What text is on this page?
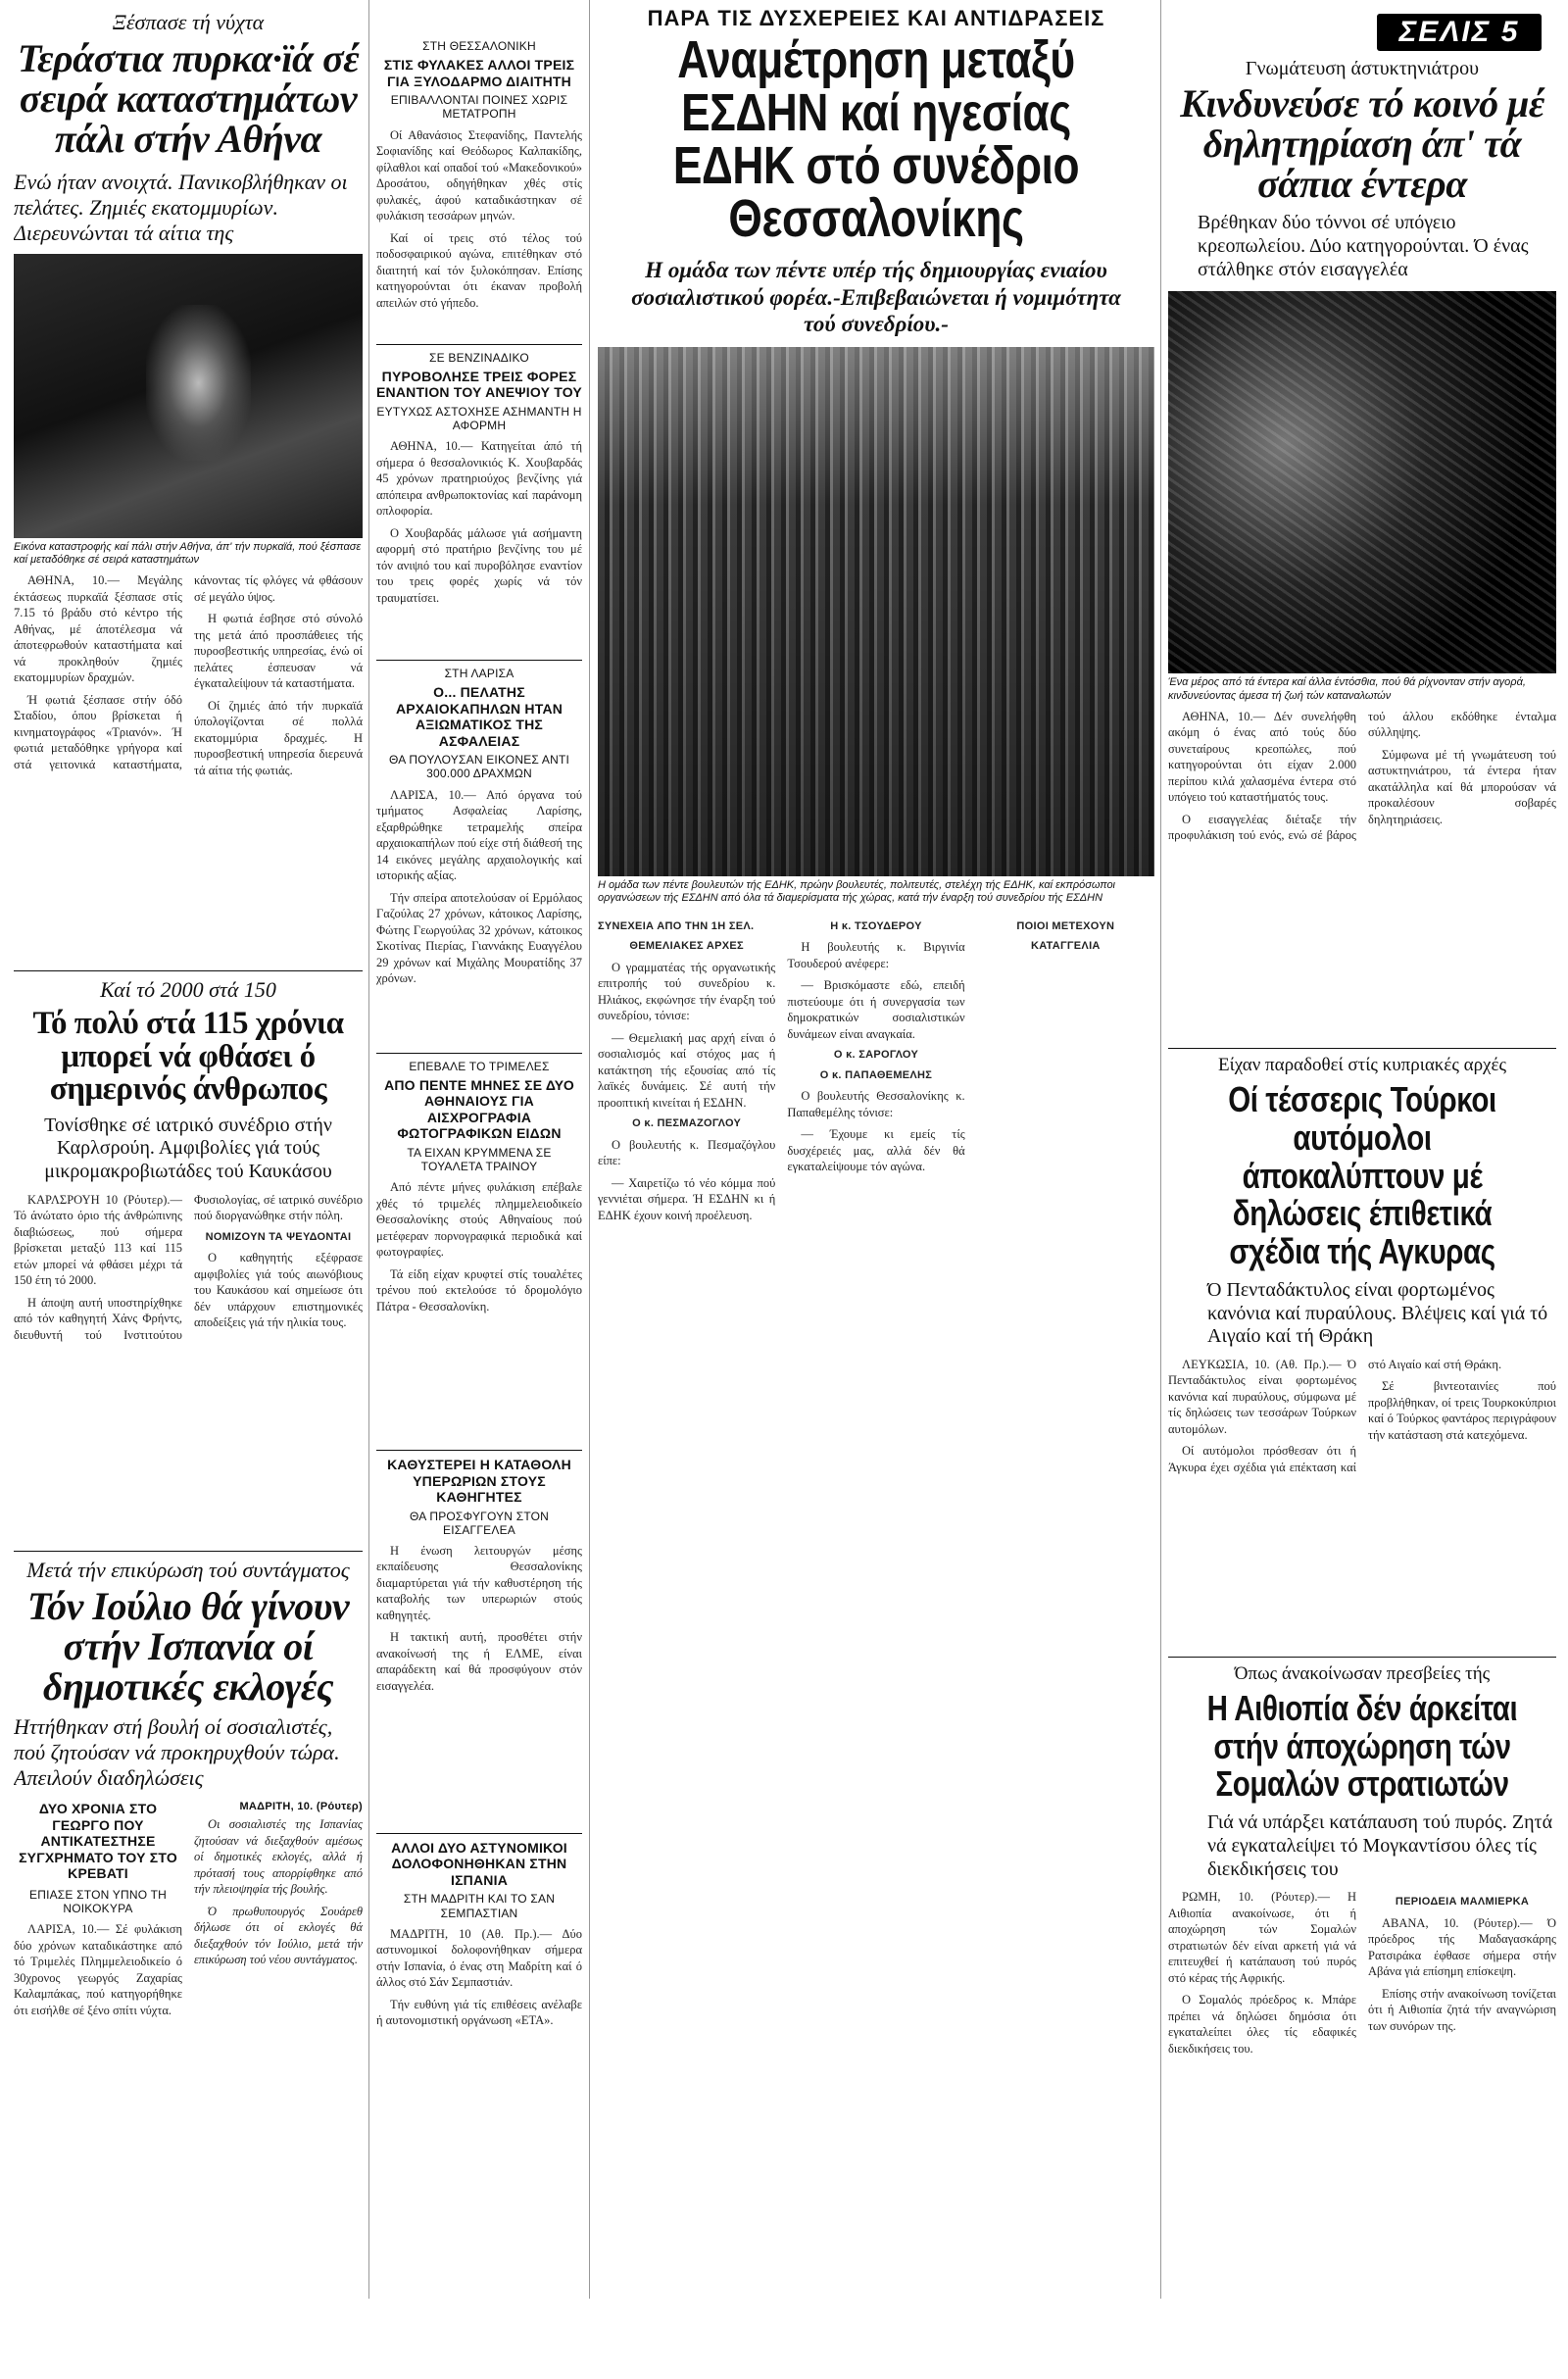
ΣΕΛΙΣ 5
Ξέσπασε τή νύχτα
Τεράστια πυρκα·ϊά σέ σειρά καταστημάτων πάλι στήν Αθήνα
Ενώ ήταν ανοιχτά. Πανικοβλήθηκαν οι πελάτες. Ζημιές εκατομμυρίων. Διερευνώνται τά αίτια της
Εικόνα καταστροφής καί πάλι στήν Αθήνα, άπ' τήν πυρκαϊά, πού ξέσπασε καί μεταδόθηκε σέ σειρά καταστημάτων

ΑΘΗΝΑ, 10.— Μεγάλης έκτάσεως πυρκαϊά ξέσπασε στίς 7.15 τό βράδυ στό κέντρο τής Αθήνας, μέ άποτέλεσμα νά άποτεφρωθούν καταστήματα καί νά προκληθούν ζημιές εκατομμυρίων δραχμών.

Ή φωτιά ξέσπασε στήν όδό Σταδίου, όπου βρίσκεται ή κινηματογράφος «Τριανόν». Ή φωτιά μεταδόθηκε γρήγορα καί στά γειτονικά καταστήματα, κάνοντας τίς φλόγες νά φθάσουν σέ μεγάλο ύψος.

Η φωτιά έσβησε στό σύνολό της μετά άπό προσπάθειες τής πυροσβεστικής υπηρεσίας, ένώ οί πελάτες έσπευσαν νά έγκαταλείψουν τά καταστήματα.

Οί ζημιές άπό τήν πυρκαϊά ύπολογίζονται σέ πολλά εκατομμύρια δραχμές. Η πυροσβεστική υπηρεσία διερευνά τά αίτια τής φωτιάς.

Καί τό 2000 στά 150
Τό πολύ στά 115 χρόνια μπορεί νά φθάσει ό σημερινός άνθρωπος
Τονίσθηκε σέ ιατρικό συνέδριο στήν Καρλσρούη. Αμφιβολίες γιά τούς μικρομακροβιωτάδες τού Καυκάσου

ΚΑΡΛΣΡΟΥΗ 10 (Ρόυτερ).— Τό άνώτατο όριο τής άνθρώπινης διαβιώσεως, πού σήμερα βρίσκεται μεταξύ 113 καί 115 ετών μπορεί νά φθάσει μέχρι τά 150 έτη τό 2000.

Η άποψη αυτή υποστηρίχθηκε από τόν καθηγητή Χάνς Φρήντς, διευθυντή τού Ινστιτούτου Φυσιολογίας, σέ ιατρικό συνέδριο πού διοργανώθηκε στήν πόλη.

ΝΟΜΙΖΟΥΝ ΤΑ ΨΕΥΔΟΝΤΑΙ

Ο καθηγητής εξέφρασε αμφιβολίες γιά τούς αιωνόβιους του Καυκάσου καί σημείωσε ότι δέν υπάρχουν επιστημονικές αποδείξεις γιά τήν ηλικία τους.

Μετά τήν επικύρωση τού συντάγματος
Τόν Ιούλιο θά γίνουν στήν Ισπανία οί δημοτικές εκλογές
Ηττήθηκαν στή βουλή οί σοσιαλιστές, πού ζητούσαν νά προκηρυχθούν τώρα. Απειλούν διαδηλώσεις
ΔΥΟ ΧΡΟΝΙΑ ΣΤΟ ΓΕΩΡΓΟ ΠΟΥ ΑΝΤΙΚΑΤΕΣΤΗΣΕ ΣΥΓΧΡΗΜΑΤΟ ΤΟΥ ΣΤΟ ΚΡΕΒΑΤΙ
ΕΠΙΑΣΕ ΣΤΟΝ ΥΠΝΟ ΤΗ ΝΟΙΚΟΚΥΡΑ

ΛΑΡΙΣΑ, 10.— Σέ φυλάκιση δύο χρόνων καταδικάστηκε από τό Τριμελές Πλημμελειοδικείο ό 30χρονος γεωργός Ζαχαρίας Καλαμπάκας, πού κατηγορήθηκε ότι εισήλθε σέ ξένο σπίτι νύχτα.

ΜΑΔΡΙΤΗ, 10. (Ρόυτερ)

Οι σοσιαλιστές της Ισπανίας ζητούσαν νά διεξαχθούν αμέσως οί δημοτικές εκλογές, αλλά ή πρότασή τους απορρίφθηκε από τήν πλειοψηφία τής βουλής.

Ό πρωθυπουργός Σουάρεθ δήλωσε ότι οί εκλογές θά διεξαχθούν τόν Ιούλιο, μετά τήν επικύρωση τού νέου συντάγματος.

ΣΤΗ ΘΕΣΣΑΛΟΝΙΚΗ
ΣΤΙΣ ΦΥΛΑΚΕΣ ΑΛΛΟΙ ΤΡΕΙΣ ΓΙΑ ΞΥΛΟΔΑΡΜΟ ΔΙΑΙΤΗΤΗ
ΕΠΙΒΑΛΛΟΝΤΑΙ ΠΟΙΝΕΣ ΧΩΡΙΣ ΜΕΤΑΤΡΟΠΗ

Οί Αθανάσιος Στεφανίδης, Παντελής Σοφιανίδης καί Θεόδωρος Καλπακίδης, φίλαθλοι καί οπαδοί τού «Μακεδονικού» Δροσάτου, οδηγήθηκαν χθές στίς φυλακές, άφού καταδικάστηκαν σέ φυλάκιση τεσσάρων μηνών.

Καί οί τρεις στό τέλος τού ποδοσφαιρικού αγώνα, επιτέθηκαν στό διαιτητή καί τόν ξυλοκόπησαν. Επίσης κατηγορούνται ότι έκαναν προβολή απειλών στό γήπεδο.

ΣΕ ΒΕΝΖΙΝΑΔΙΚΟ
ΠΥΡΟΒΟΛΗΣΕ ΤΡΕΙΣ ΦΟΡΕΣ ΕΝΑΝΤΙΟΝ ΤΟΥ ΑΝΕΨΙΟΥ ΤΟΥ
ΕΥΤΥΧΩΣ ΑΣΤΟΧΗΣΕ ΑΣΗΜΑΝΤΗ Η ΑΦΟΡΜΗ

ΑΘΗΝΑ, 10.— Κατηγείται άπό τή σήμερα ό θεσσαλονικιός Κ. Χουβαρδάς 45 χρόνων πρατηριούχος βενζίνης γιά απόπειρα ανθρωποκτονίας καί παράνομη οπλοφορία.

Ο Χουβαρδάς μάλωσε γιά ασήμαντη αφορμή στό πρατήριο βενζίνης του μέ τόν ανιψιό του καί πυροβόλησε εναντίον του τρεις φορές χωρίς νά τόν τραυματίσει.

ΣΤΗ ΛΑΡΙΣΑ
Ο... ΠΕΛΑΤΗΣ ΑΡΧΑΙΟΚΑΠΗΛΩΝ ΗΤΑΝ ΑΞΙΩΜΑΤΙΚΟΣ ΤΗΣ ΑΣΦΑΛΕΙΑΣ
ΘΑ ΠΟΥΛΟΥΣΑΝ ΕΙΚΟΝΕΣ ΑΝΤΙ 300.000 ΔΡΑΧΜΩΝ

ΛΑΡΙΣΑ, 10.— Από όργανα τού τμήματος Ασφαλείας Λαρίσης, εξαρθρώθηκε τετραμελής σπείρα αρχαιοκαπήλων πού είχε στή διάθεσή της 14 εικόνες μεγάλης αρχαιολογικής καί ιστορικής αξίας.

Τήν σπείρα αποτελούσαν οί Ερμόλαος Γαζούλας 27 χρόνων, κάτοικος Λαρίσης, Φώτης Γεωργούλας 32 χρόνων, κάτοικος Σκοτίνας Πιερίας, Γιαννάκης Ευαγγέλου 29 χρόνων καί Μιχάλης Μουρατίδης 37 χρόνων.

ΕΠΕΒΑΛΕ ΤΟ ΤΡΙΜΕΛΕΣ
ΑΠΟ ΠΕΝΤΕ ΜΗΝΕΣ ΣΕ ΔΥΟ ΑΘΗΝΑΙΟΥΣ ΓΙΑ ΑΙΣΧΡΟΓΡΑΦΙΑ ΦΩΤΟΓΡΑΦΙΚΩΝ ΕΙΔΩΝ
ΤΑ ΕΙΧΑΝ ΚΡΥΜΜΕΝΑ ΣΕ ΤΟΥΑΛΕΤΑ ΤΡΑΙΝΟΥ

Από πέντε μήνες φυλάκιση επέβαλε χθές τό τριμελές πλημμελειοδικείο Θεσσαλονίκης στούς Αθηναίους πού μετέφεραν πορνογραφικά περιοδικά καί φωτογραφίες.

Τά είδη είχαν κρυφτεί στίς τουαλέτες τρένου πού εκτελούσε τό δρομολόγιο Πάτρα - Θεσσαλονίκη.

ΚΑΘΥΣΤΕΡΕΙ Η ΚΑΤΑΘΟΛΗ ΥΠΕΡΩΡΙΩΝ ΣΤΟΥΣ ΚΑΘΗΓΗΤΕΣ
ΘΑ ΠΡΟΣΦΥΓΟΥΝ ΣΤΟΝ ΕΙΣΑΓΓΕΛΕΑ

Η ένωση λειτουργών μέσης εκπαίδευσης Θεσσαλονίκης διαμαρτύρεται γιά τήν καθυστέρηση τής καταβολής των υπερωριών στούς καθηγητές.

Η τακτική αυτή, προσθέτει στήν ανακοίνωσή της ή ΕΛΜΕ, είναι απαράδεκτη καί θά προσφύγουν στόν εισαγγελέα.

ΑΛΛΟΙ ΔΥΟ ΑΣΤΥΝΟΜΙΚΟΙ ΔΟΛΟΦΟΝΗΘΗΚΑΝ ΣΤΗΝ ΙΣΠΑΝΙΑ
ΣΤΗ ΜΑΔΡΙΤΗ ΚΑΙ ΤΟ ΣΑΝ ΣΕΜΠΑΣΤΙΑΝ

ΜΑΔΡΙΤΗ, 10 (Αθ. Πρ.).— Δύο αστυνομικοί δολοφονήθηκαν σήμερα στήν Ισπανία, ό ένας στη Μαδρίτη καί ό άλλος στό Σάν Σεμπαστιάν.

Τήν ευθύνη γιά τίς επιθέσεις ανέλαβε ή αυτονομιστική οργάνωση «ΕΤΑ».

ΠΑΡΑ ΤΙΣ ΔΥΣΧΕΡΕΙΕΣ ΚΑΙ ΑΝΤΙΔΡΑΣΕΙΣ
Αναμέτρηση μεταξύ ΕΣΔΗΝ καί ηγεσίας ΕΔΗΚ στό συνέδριο Θεσσαλονίκης
Η ομάδα των πέντε υπέρ τής δημιουργίας ενιαίου σοσιαλιστικού φορέα.-Επιβεβαιώνεται ή νομιμότητα τού συνεδρίου.-
Η ομάδα των πέντε βουλευτών τής ΕΔΗΚ, πρώην βουλευτές, πολιτευτές, στελέχη τής ΕΔΗΚ, καί εκπρόσωποι οργανώσεων τής ΕΣΔΗΝ από όλα τά διαμερίσματα τής χώρας, κατά τήν έναρξη τού συνεδρίου τής ΕΣΔΗΝ
ΣΥΝΕΧΕΙΑ ΑΠΟ ΤΗΝ 1Η ΣΕΛ.
ΘΕΜΕΛΙΑΚΕΣ ΑΡΧΕΣ

Ο γραμματέας τής οργανωτικής επιτροπής τού συνεδρίου κ. Ηλιάκος, εκφώνησε τήν έναρξη τού συνεδρίου, τόνισε:

— Θεμελιακή μας αρχή είναι ό σοσιαλισμός καί στόχος μας ή κατάκτηση τής εξουσίας από τίς λαϊκές δυνάμεις. Σέ αυτή τήν προοπτική κινείται ή ΕΣΔΗΝ.

Ο κ. ΠΕΣΜΑΖΟΓΛΟΥ

Ο βουλευτής κ. Πεσμαζόγλου είπε:

— Χαιρετίζω τό νέο κόμμα πού γεννιέται σήμερα. Ή ΕΣΔΗΝ κι ή ΕΔΗΚ έχουν κοινή προέλευση.

Η κ. ΤΣΟΥΔΕΡΟΥ

Η βουλευτής κ. Βιργινία Τσουδερού ανέφερε:

— Βρισκόμαστε εδώ, επειδή πιστεύουμε ότι ή συνεργασία των δημοκρατικών σοσιαλιστικών δυνάμεων είναι αναγκαία.

Ο κ. ΣΑΡΟΓΛΟΥ
Ο κ. ΠΑΠΑΘΕΜΕΛΗΣ

Ο βουλευτής Θεσσαλονίκης κ. Παπαθεμέλης τόνισε:

— Έχουμε κι εμείς τίς δυσχέρειές μας, αλλά δέν θά εγκαταλείψουμε τόν αγώνα.

ΠΟΙΟΙ ΜΕΤΕΧΟΥΝ
ΚΑΤΑΓΓΕΛΙΑ
Γνωμάτευση άστυκτηνιάτρου
Κινδυνεύσε τό κοινό μέ δηλητηρίαση άπ' τά σάπια έντερα
Βρέθηκαν δύο τόννοι σέ υπόγειο κρεοπωλείου. Δύο κατηγορούνται. Ό ένας στάλθηκε στόν εισαγγελέα
Ένα μέρος από τά έντερα καί άλλα έντόσθια, πού θά ρίχνονταν στήν αγορά, κινδυνεύοντας άμεσα τή ζωή τών καταναλωτών

ΑΘΗΝΑ, 10.— Δέν συνελήφθη ακόμη ό ένας από τούς δύο συνεταίρους κρεοπώλες, πού κατηγορούνται ότι είχαν 2.000 περίπου κιλά χαλασμένα έντερα στό υπόγειο τού καταστήματός τους.

Ο εισαγγελέας διέταξε τήν προφυλάκιση τού ενός, ενώ σέ βάρος τού άλλου εκδόθηκε ένταλμα σύλληψης.

Σύμφωνα μέ τή γνωμάτευση τού αστυκτηνιάτρου, τά έντερα ήταν ακατάλληλα καί θά μπορούσαν νά προκαλέσουν σοβαρές δηλητηριάσεις.

Είχαν παραδοθεί στίς κυπριακές αρχές
Οί τέσσερις Τούρκοι αυτόμολοι άποκαλύπτουν μέ δηλώσεις έπιθετικά σχέδια τής Αγκυρας
Ό Πενταδάκτυλος είναι φορτωμένος κανόνια καί πυραύλους. Βλέψεις καί γιά τό Αιγαίο καί τή Θράκη

ΛΕΥΚΩΣΙΑ, 10. (Αθ. Πρ.).— Ό Πενταδάκτυλος είναι φορτωμένος κανόνια καί πυραύλους, σύμφωνα μέ τίς δηλώσεις των τεσσάρων Τούρκων αυτομόλων.

Οί αυτόμολοι πρόσθεσαν ότι ή Άγκυρα έχει σχέδια γιά επέκταση καί στό Αιγαίο καί στή Θράκη.

Σέ βιντεοταινίες πού προβλήθηκαν, οί τρεις Τουρκοκύπριοι καί ό Τούρκος φαντάρος περιγράφουν τήν κατάσταση στά κατεχόμενα.

Όπως άνακοίνωσαν πρεσβείες τής
Η Αιθιοπία δέν άρκείται στήν άποχώρηση τών Σομαλών στρατιωτών
Γιά νά υπάρξει κατάπαυση τού πυρός. Ζητά νά εγκαταλείψει τό Μογκαντίσου όλες τίς διεκδικήσεις του

ΡΩΜΗ, 10. (Ρόυτερ).— Η Αιθιοπία ανακοίνωσε, ότι ή αποχώρηση τών Σομαλών στρατιωτών δέν είναι αρκετή γιά νά επιτευχθεί ή κατάπαυση τού πυρός στό κέρας τής Αφρικής.

Ο Σομαλός πρόεδρος κ. Μπάρε πρέπει νά δηλώσει δημόσια ότι εγκαταλείπει όλες τίς εδαφικές διεκδικήσεις του.

ΠΕΡΙΟΔΕΙΑ ΜΑΛΜΙΕΡΚΑ

ΑΒΑΝΑ, 10. (Ρόυτερ).— Ό πρόεδρος τής Μαδαγασκάρης Ρατσιράκα έφθασε σήμερα στήν Αβάνα γιά επίσημη επίσκεψη.

Επίσης στήν ανακοίνωση τονίζεται ότι ή Αιθιοπία ζητά τήν αναγνώριση των συνόρων της.
